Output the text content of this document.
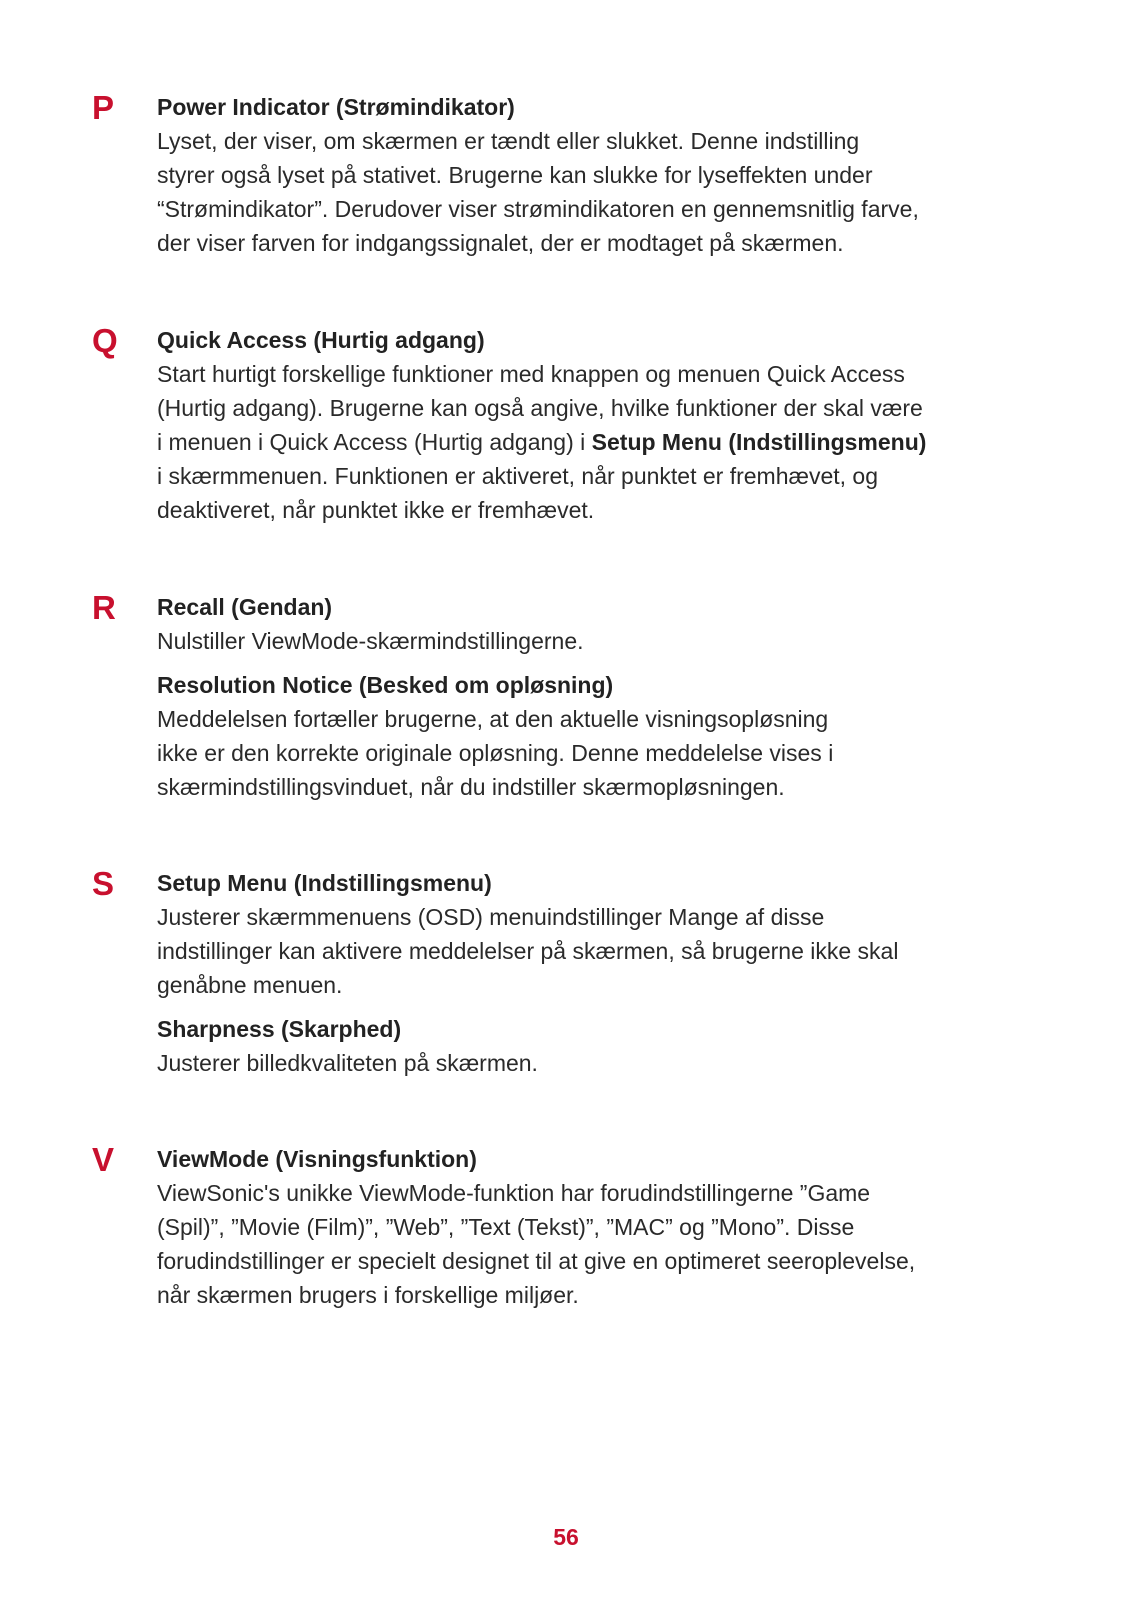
P Power Indicator (Strømindikator)
Lyset, der viser, om skærmen er tændt eller slukket. Denne indstilling
styrer også lyset på stativet. Brugerne kan slukke for lyseffekten under
“Strømindikator”. Derudover viser strømindikatoren en gennemsnitlig farve,
der viser farven for indgangssignalet, der er modtaget på skærmen.
Q Quick Access (Hurtig adgang)
Start hurtigt forskellige funktioner med knappen og menuen Quick Access
(Hurtig adgang). Brugerne kan også angive, hvilke funktioner der skal være
i menuen i Quick Access (Hurtig adgang) i Setup Menu (Indstillingsmenu)
i skærmmenuen. Funktionen er aktiveret, når punktet er fremhævet, og
deaktiveret, når punktet ikke er fremhævet.
R Recall (Gendan)
Nulstiller ViewMode-skærmindstillingerne.
Resolution Notice (Besked om opløsning)
Meddelelsen fortæller brugerne, at den aktuelle visningsopløsning
ikke er den korrekte originale opløsning. Denne meddelelse vises i
skærmindstillingsvinduet, når du indstiller skærmopløsningen.
S Setup Menu (Indstillingsmenu)
Justerer skærmmenuens (OSD) menuindstillinger Mange af disse
indstillinger kan aktivere meddelelser på skærmen, så brugerne ikke skal
genåbne menuen.
Sharpness (Skarphed)
Justerer billedkvaliteten på skærmen.
V ViewMode (Visningsfunktion)
ViewSonic's unikke ViewMode-funktion har forudindstillingerne ”Game
(Spil)”, ”Movie (Film)”, ”Web”, ”Text (Tekst)”, ”MAC” og ”Mono”. Disse
forudindstillinger er specielt designet til at give en optimeret seeroplevelse,
når skærmen brugers i forskellige miljøer.
56
